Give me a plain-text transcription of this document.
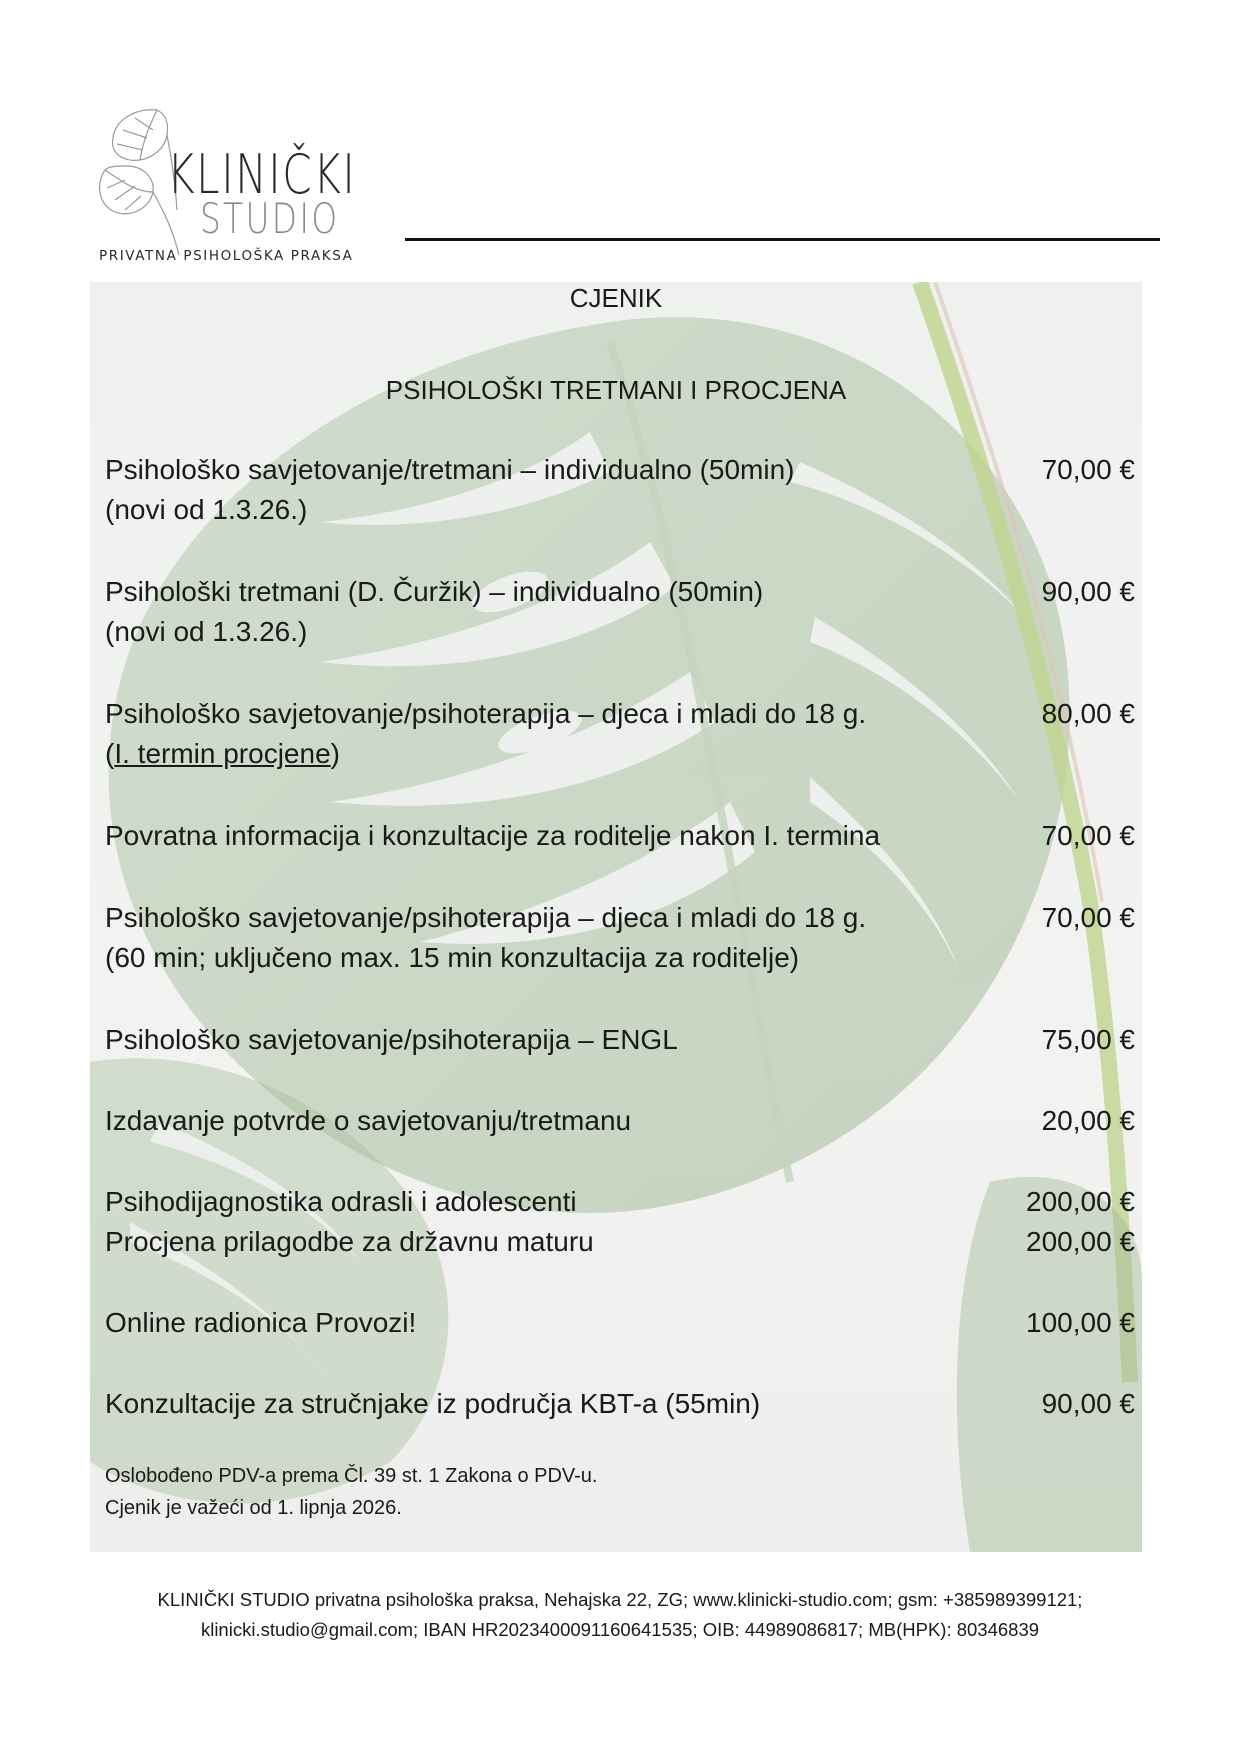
KLINIČKI
STUDIO
PRIVATNA PSIHOLOŠKA PRAKSA
CJENIK
PSIHOLOŠKI TRETMANI I PROCJENA
Psihološko savjetovanje/tretmani – individualno (50min)
(novi od 1.3.26.)
70,00 €
Psihološki tretmani (D. Čuržik) – individualno (50min)
(novi od 1.3.26.)
90,00 €
Psihološko savjetovanje/psihoterapija – djeca i mladi do 18 g.
(I. termin procjene)
80,00 €
Povratna informacija i konzultacije za roditelje nakon I. termina	70,00 €
Psihološko savjetovanje/psihoterapija – djeca i mladi do 18 g.
(60 min; uključeno max. 15 min konzultacija za roditelje)
70,00 €
Psihološko savjetovanje/psihoterapija – ENGL	75,00 €
Izdavanje potvrde o savjetovanju/tretmanu	20,00 €
Psihodijagnostika odrasli i adolescenti	200,00 €
Procjena prilagodbe za državnu maturu	200,00 €
Online radionica Provozi!	100,00 €
Konzultacije za stručnjake iz područja KBT-a (55min)	90,00 €
Oslobođeno PDV-a prema Čl. 39 st. 1 Zakona o PDV-u.
Cjenik je važeći od 1. lipnja 2026.
KLINIČKI STUDIO privatna psihološka praksa, Nehajska 22, ZG; www.klinicki-studio.com; gsm: +385989399121;
klinicki.studio@gmail.com; IBAN HR2023400091160641535; OIB: 44989086817; MB(HPK): 80346839
